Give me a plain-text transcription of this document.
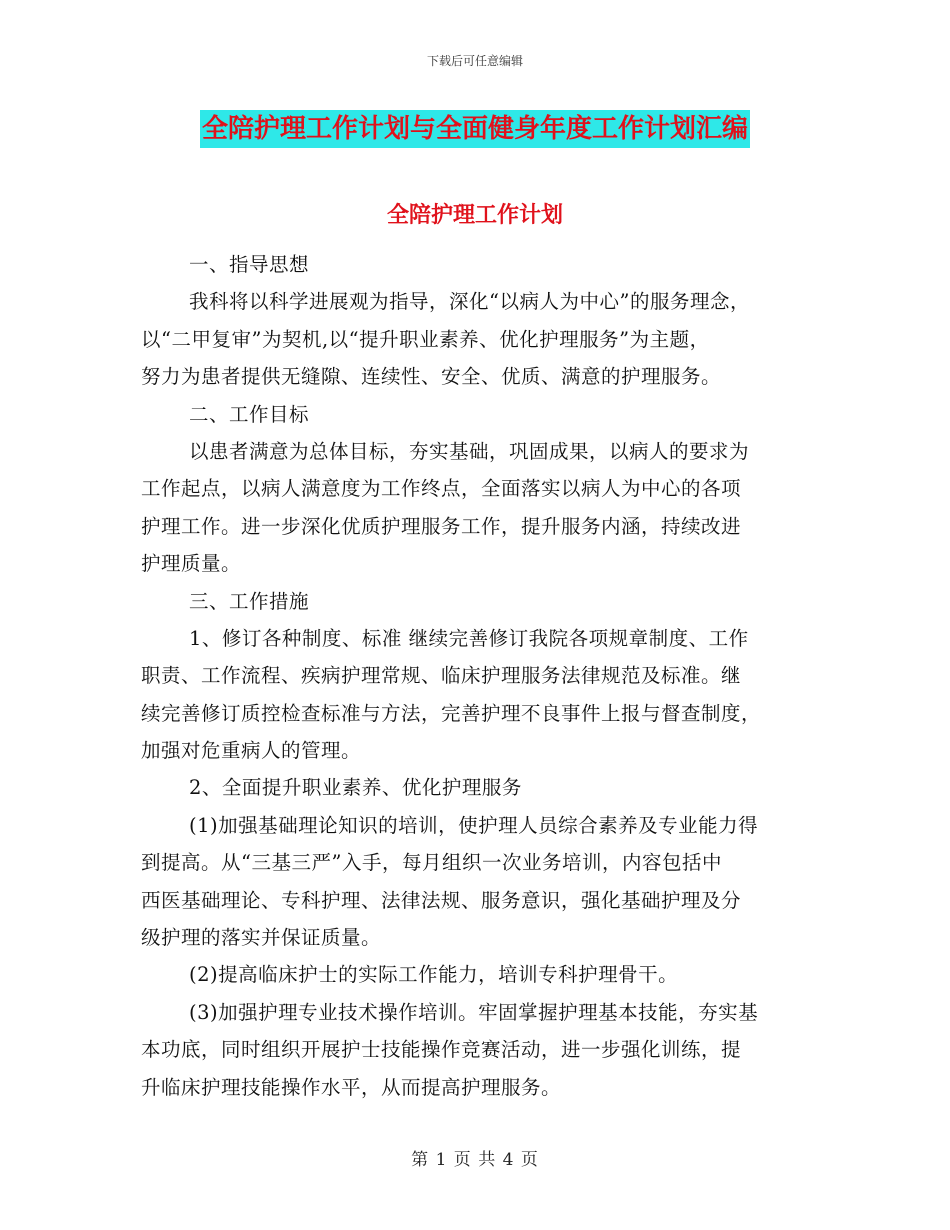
下载后可任意编辑
全陪护理工作计划与全面健身年度工作计划汇编
全陪护理工作计划
一、指导思想
我科将以科学进展观为指导，深化“以病人为中心”的服务理念，
以“二甲复审”为契机,以“提升职业素养、优化护理服务”为主题，
努力为患者提供无缝隙、连续性、安全、优质、满意的护理服务。
二、工作目标
以患者满意为总体目标，夯实基础，巩固成果，以病人的要求为
工作起点，以病人满意度为工作终点，全面落实以病人为中心的各项
护理工作。进一步深化优质护理服务工作，提升服务内涵，持续改进
护理质量。
三、工作措施
1、修订各种制度、标准 继续完善修订我院各项规章制度、工作
职责、工作流程、疾病护理常规、临床护理服务法律规范及标准。继
续完善修订质控检查标准与方法，完善护理不良事件上报与督查制度，
加强对危重病人的管理。
2、全面提升职业素养、优化护理服务
(1)加强基础理论知识的培训，使护理人员综合素养及专业能力得
到提高。从“三基三严”入手，每月组织一次业务培训，内容包括中
西医基础理论、专科护理、法律法规、服务意识，强化基础护理及分
级护理的落实并保证质量。
(2)提高临床护士的实际工作能力，培训专科护理骨干。
(3)加强护理专业技术操作培训。牢固掌握护理基本技能，夯实基
本功底，同时组织开展护士技能操作竞赛活动，进一步强化训练，提
升临床护理技能操作水平，从而提高护理服务。
第 1 页 共 4 页
